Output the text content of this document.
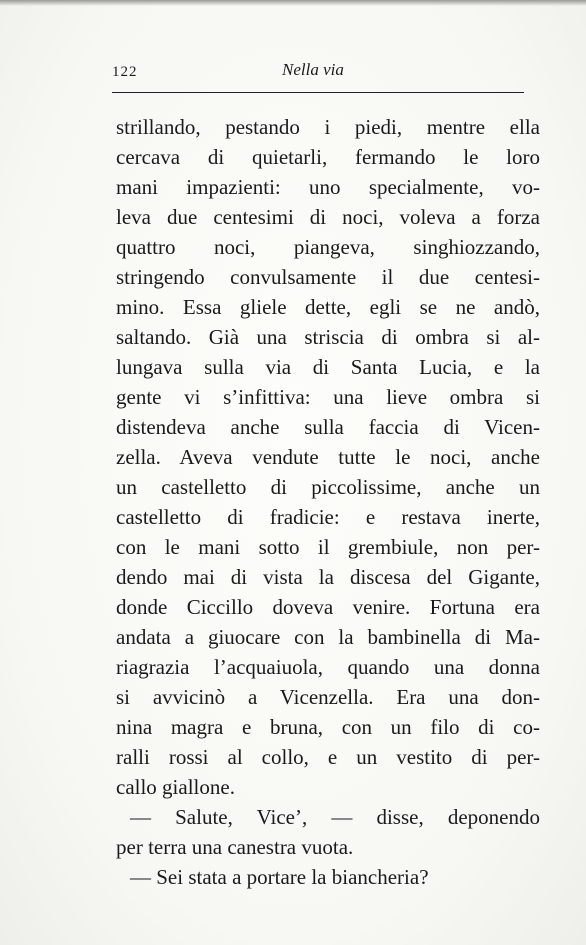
122	Nella via
strillando, pestando i piedi, mentre ella
cercava di quietarli, fermando le loro
mani impazienti: uno specialmente, vo-
leva due centesimi di noci, voleva a forza
quattro noci, piangeva, singhiozzando,
stringendo convulsamente il due centesi-
mino. Essa gliele dette, egli se ne andò,
saltando. Già una striscia di ombra si al-
lungava sulla via di Santa Lucia, e la
gente vi s’infittiva: una lieve ombra si
distendeva anche sulla faccia di Vicen-
zella. Aveva vendute tutte le noci, anche
un castelletto di piccolissime, anche un
castelletto di fradicie: e restava inerte,
con le mani sotto il grembiule, non per-
dendo mai di vista la discesa del Gigante,
donde Ciccillo doveva venire. Fortuna era
andata a giuocare con la bambinella di Ma-
riagrazia l’acquaiuola, quando una donna
si avvicinò a Vicenzella. Era una don-
nina magra e bruna, con un filo di co-
ralli rossi al collo, e un vestito di per-
callo giallone.
— Salute, Vice’, — disse, deponendo
per terra una canestra vuota.
— Sei stata a portare la biancheria?
